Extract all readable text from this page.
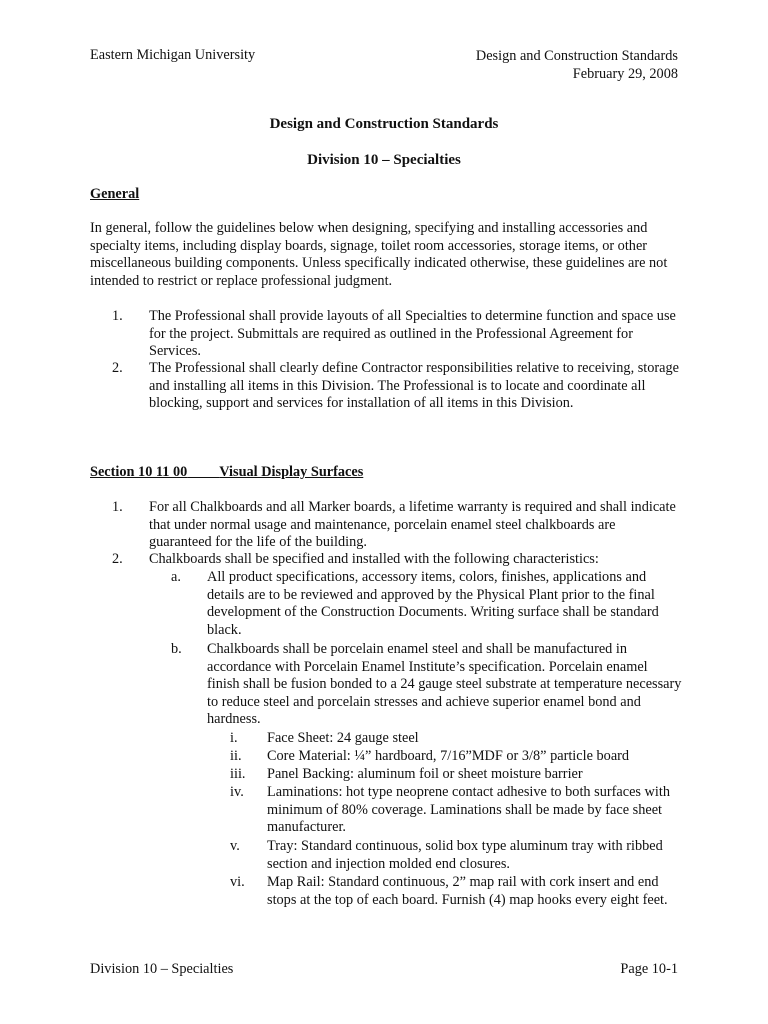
Eastern Michigan University	Design and Construction Standards
February 29, 2008
Design and Construction Standards
Division 10 – Specialties
General
In general, follow the guidelines below when designing, specifying and installing accessories and specialty items, including display boards, signage, toilet room accessories, storage items, or other miscellaneous building components. Unless specifically indicated otherwise, these guidelines are not intended to restrict or replace professional judgment.
1. The Professional shall provide layouts of all Specialties to determine function and space use for the project. Submittals are required as outlined in the Professional Agreement for Services.
2. The Professional shall clearly define Contractor responsibilities relative to receiving, storage and installing all items in this Division. The Professional is to locate and coordinate all blocking, support and services for installation of all items in this Division.
Section 10 11 00 Visual Display Surfaces
1. For all Chalkboards and all Marker boards, a lifetime warranty is required and shall indicate that under normal usage and maintenance, porcelain enamel steel chalkboards are guaranteed for the life of the building.
2. Chalkboards shall be specified and installed with the following characteristics:
a. All product specifications, accessory items, colors, finishes, applications and details are to be reviewed and approved by the Physical Plant prior to the final development of the Construction Documents. Writing surface shall be standard black.
b. Chalkboards shall be porcelain enamel steel and shall be manufactured in accordance with Porcelain Enamel Institute’s specification. Porcelain enamel finish shall be fusion bonded to a 24 gauge steel substrate at temperature necessary to reduce steel and porcelain stresses and achieve superior enamel bond and hardness.
i. Face Sheet: 24 gauge steel
ii. Core Material: ¼” hardboard, 7/16”MDF or 3/8” particle board
iii. Panel Backing: aluminum foil or sheet moisture barrier
iv. Laminations: hot type neoprene contact adhesive to both surfaces with minimum of 80% coverage. Laminations shall be made by face sheet manufacturer.
v. Tray: Standard continuous, solid box type aluminum tray with ribbed section and injection molded end closures.
vi. Map Rail: Standard continuous, 2” map rail with cork insert and end stops at the top of each board. Furnish (4) map hooks every eight feet.
Division 10 – Specialties	Page 10-1
